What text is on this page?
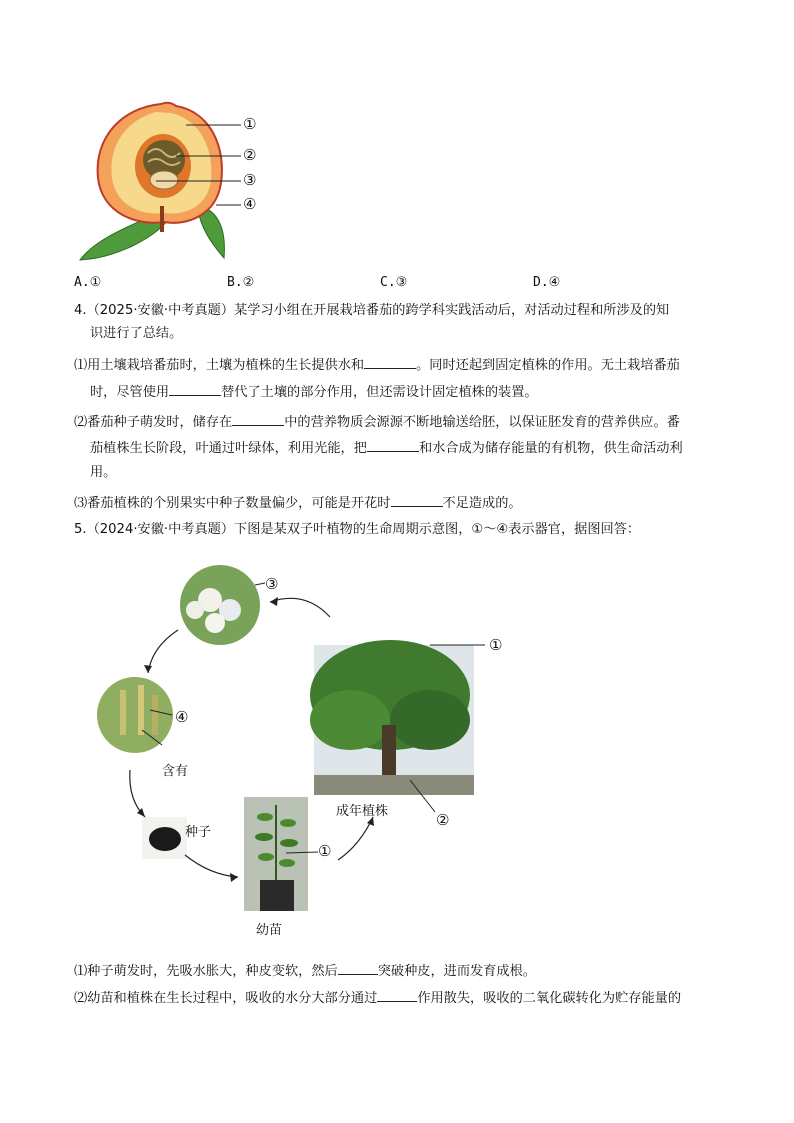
①
②
③
④
A.①	B.②	C.③	D.④
4.（2025·安徽·中考真题）某学习小组在开展栽培番茄的跨学科实践活动后，对活动过程和所涉及的知
识进行了总结。
⑴用土壤栽培番茄时，土壤为植株的生长提供水和	。同时还起到固定植株的作用。无土栽培番茄
时，尽管使用	替代了土壤的部分作用，但还需设计固定植株的装置。
⑵番茄种子萌发时，储存在	中的营养物质会源源不断地输送给胚，以保证胚发育的营养供应。番
茄植株生长阶段，叶通过叶绿体，利用光能，把	和水合成为储存能量的有机物，供生命活动利
用。
⑶番茄植株的个别果实中种子数量偏少，可能是开花时	不足造成的。
5.（2024·安徽·中考真题）下图是某双子叶植物的生命周期示意图，①～④表示器官，据图回答：
③
④
含有
①
成年植株	②
种子
①
幼苗
⑴种子萌发时，先吸水胀大，种皮变软，然后	突破种皮，进而发育成根。
⑵幼苗和植株在生长过程中，吸收的水分大部分通过	作用散失，吸收的二氧化碳转化为贮存能量的
